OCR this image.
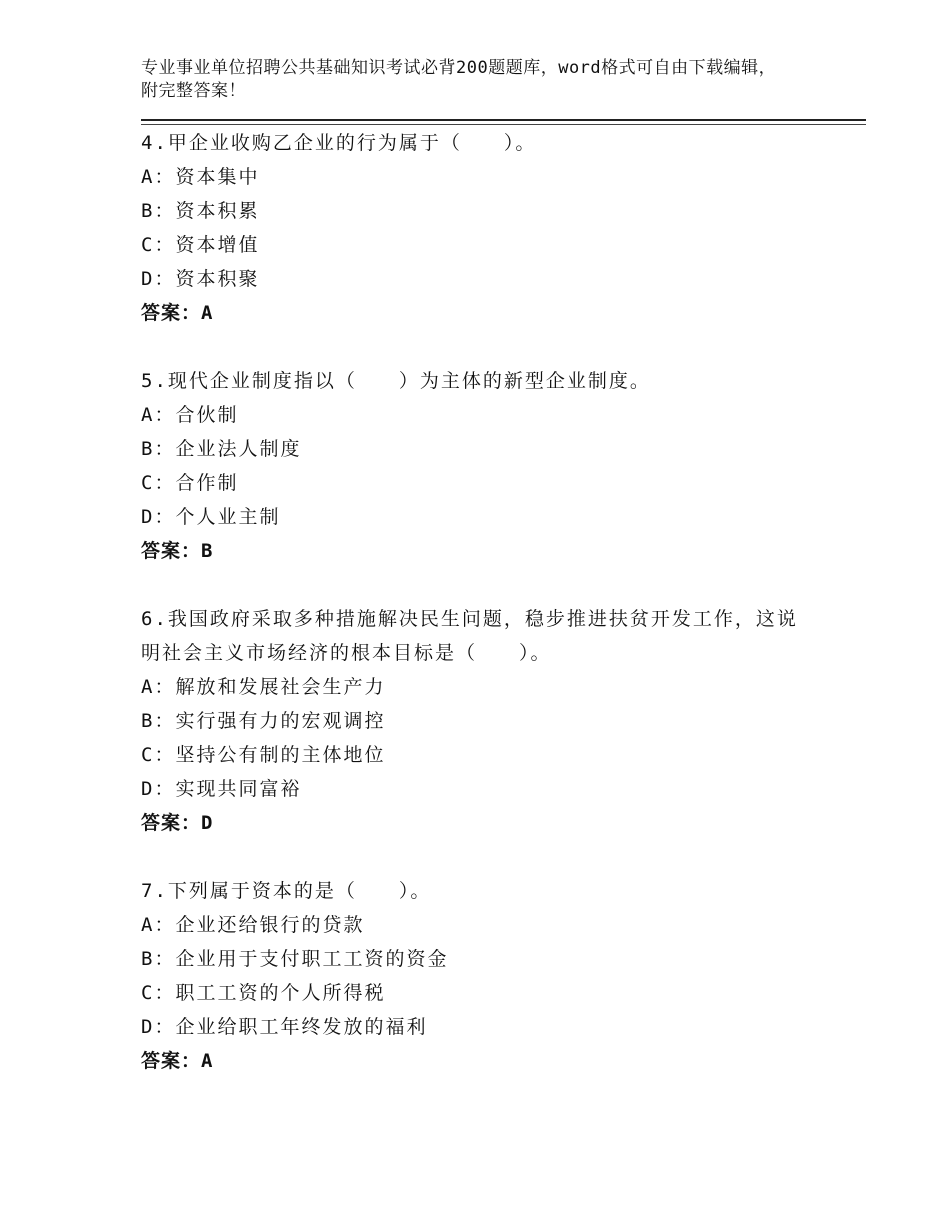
专业事业单位招聘公共基础知识考试必背200题题库，word格式可自由下载编辑，附完整答案！
4.甲企业收购乙企业的行为属于（　　）。
A：资本集中
B：资本积累
C：资本增值
D：资本积聚
答案：A
5.现代企业制度指以（　　）为主体的新型企业制度。
A：合伙制
B：企业法人制度
C：合作制
D：个人业主制
答案：B
6.我国政府采取多种措施解决民生问题，稳步推进扶贫开发工作，这说明社会主义市场经济的根本目标是（　　）。
A：解放和发展社会生产力
B：实行强有力的宏观调控
C：坚持公有制的主体地位
D：实现共同富裕
答案：D
7.下列属于资本的是（　　）。
A：企业还给银行的贷款
B：企业用于支付职工工资的资金
C：职工工资的个人所得税
D：企业给职工年终发放的福利
答案：A
